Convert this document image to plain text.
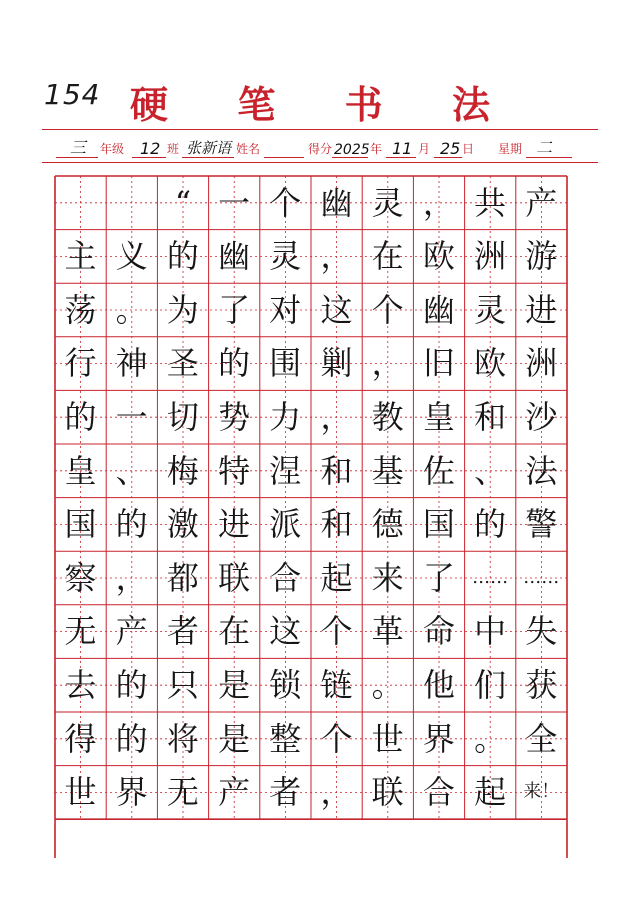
154 硬 笔 书 法
三 年级 12 班 张新语 姓名	得分 2025 年 11 月 25 日 星期 二
“ 一 个 幽 灵 ， 共 产
主 义 的 幽 灵 ， 在 欧 洲 游
荡 。 为 了 对 这 个 幽 灵 进
行 神 圣 的 围 剿 ， 旧 欧 洲
的 一 切 势 力 ， 教 皇 和 沙
皇 、 梅 特 涅 和 基 佐 、 法
国 的 激 进 派 和 德 国 的 警
察 ， 都 联 合 起 来 了 …… ……
无 产 者 在 这 个 革 命 中 失
去 的 只 是 锁 链 。 他 们 获
得 的 将 是 整 个 世 界 。 全
世 界 无 产 者 ， 联 合 起 来！
